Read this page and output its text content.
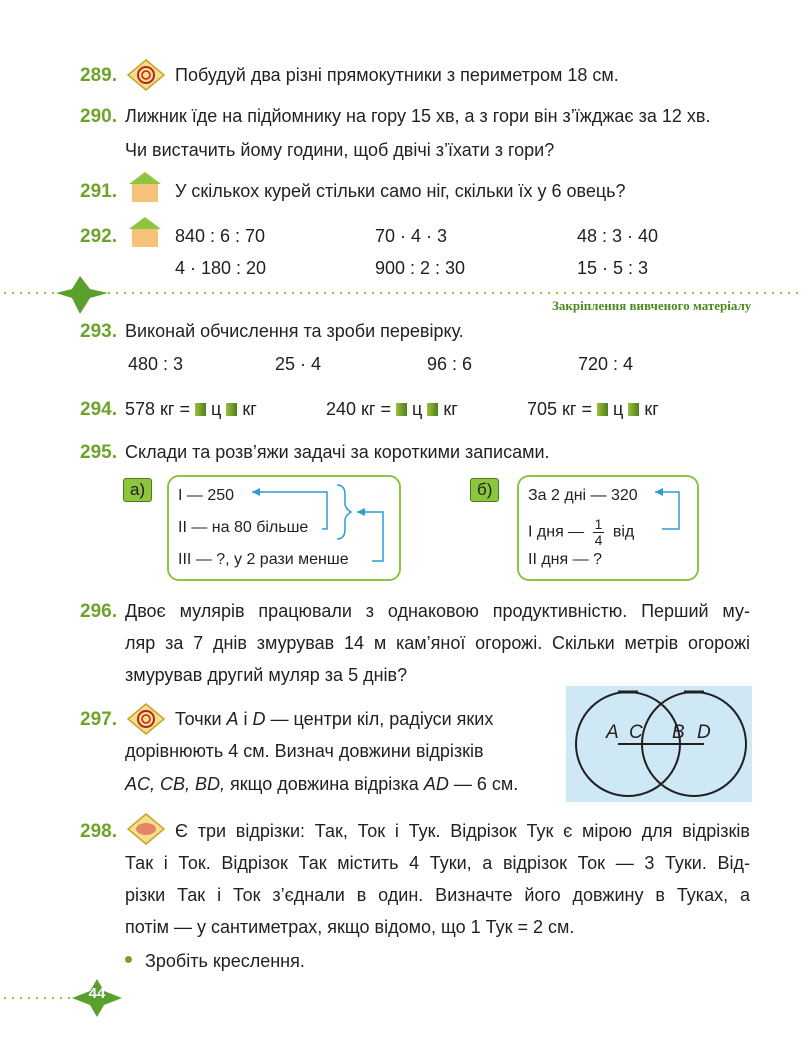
289.	Побудуй два різні прямокутники з периметром 18 см.
290. Лижник їде на підйомнику на гору 15 хв, а з гори він з’їжджає за 12 хв.
Чи вистачить йому години, щоб двічі з’їхати з гори?
291.	У скількох курей стільки само ніг, скільки їх у 6 овець?
292.	840 : 6 : 70	70 · 4 · 3	48 : 3 · 40
4 · 180 : 20	900 : 2 : 30	15 · 5 : 3
Закріплення вивченого матеріалу
293. Виконай обчислення та зроби перевірку.
480 : 3	25 · 4	96 : 6	720 : 4
294. 578 кг = ц кг	240 кг = ц кг	705 кг = ц кг
295. Склади та розв’яжи задачі за короткими записами.
а)	І — 250
ІІ — на 80 більше
ІІІ — ?, у 2 рази менше
б)	За 2 дні — 320
І дня — $\frac{1}{4}$ від
ІІ дня — ?
296. Двоє мулярів працювали з однаковою продуктивністю. Перший му-
ляр за 7 днів змурував 14 м кам’яної огорожі. Скільки метрів огорожі
змурував другий муляр за 5 днів?
297.	Точки A і D — центри кіл, радіуси яких
дорівнюють 4 см. Визнач довжини відрізків
AC, CB, BD, якщо довжина відрізка AD — 6 см.
A C B D
298.	Є три відрізки: Так, Ток і Тук. Відрізок Тук є мірою для відрізків
Так і Ток. Відрізок Так містить 4 Туки, а відрізок Ток — 3 Туки. Від-
різки Так і Ток з’єднали в один. Визначте його довжину в Туках, а
потім — у сантиметрах, якщо відомо, що 1 Тук = 2 см.
Зробіть креслення.
44
